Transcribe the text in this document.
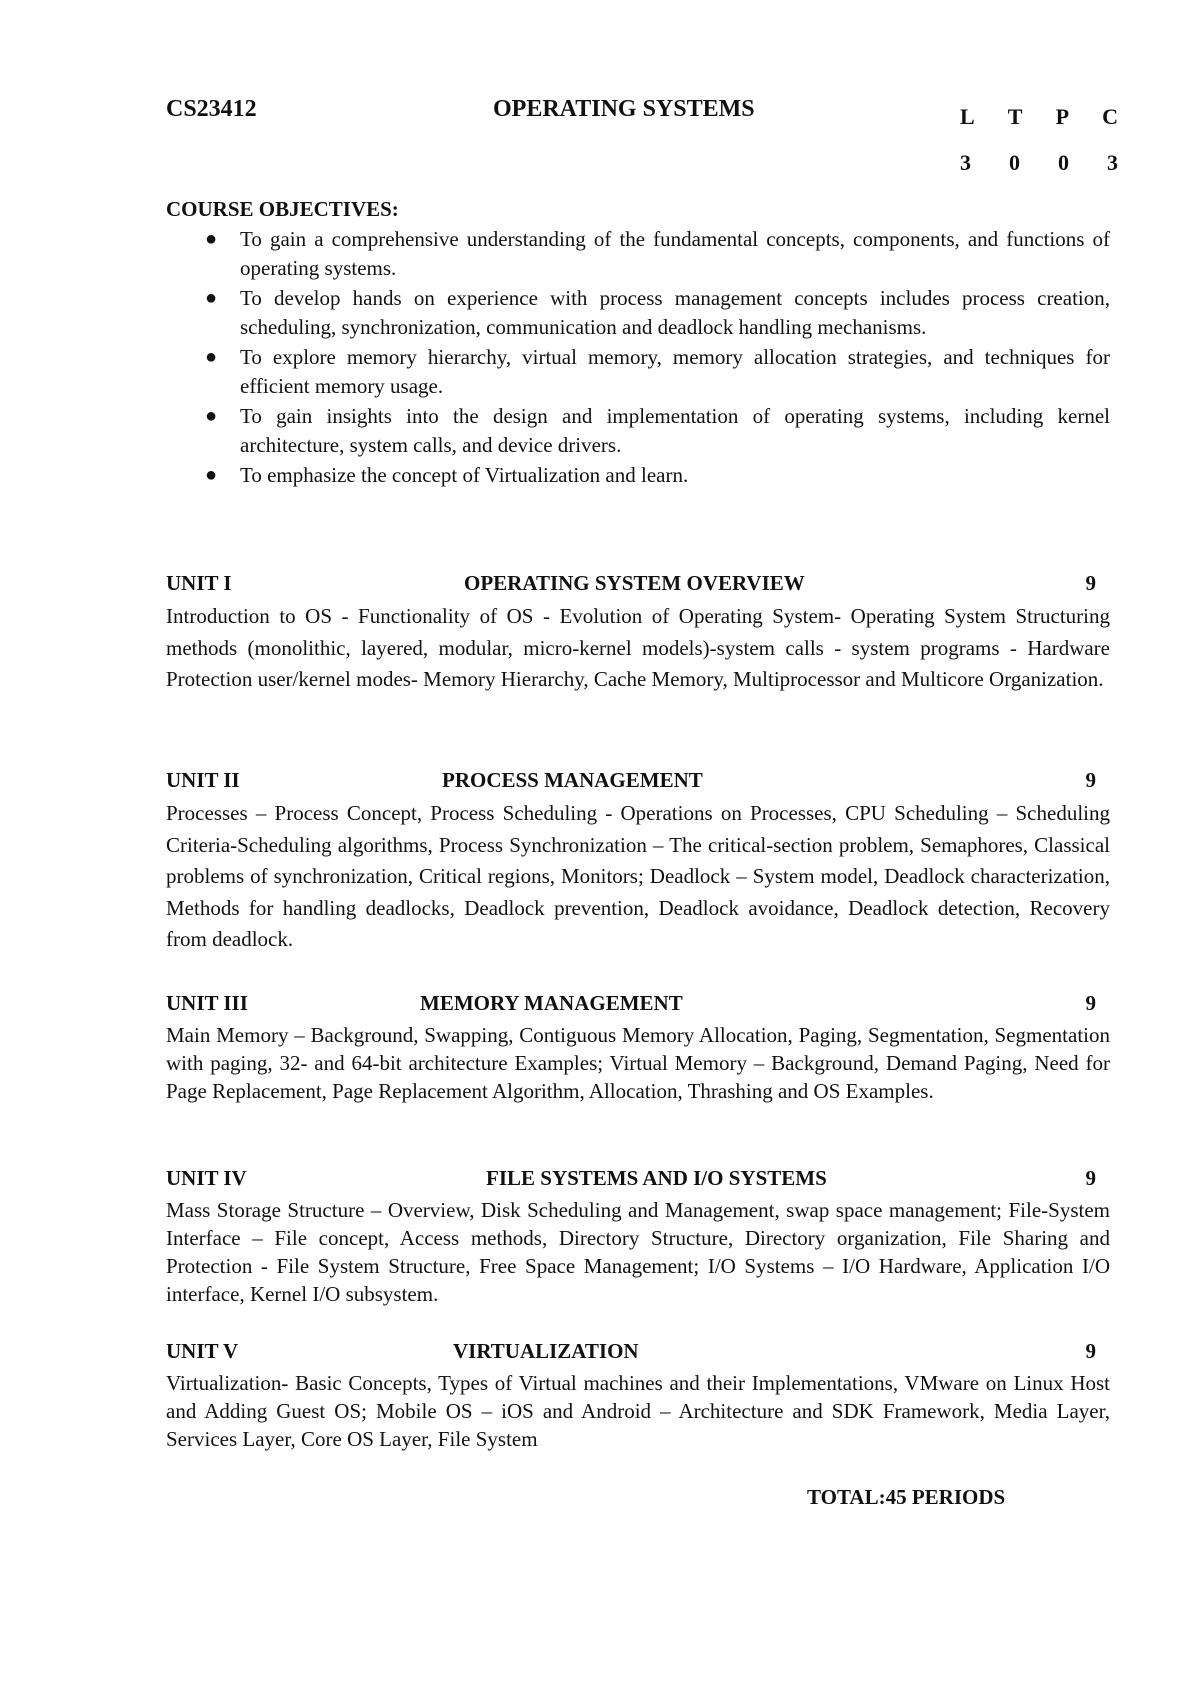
CS23412	OPERATING SYSTEMS	L T P C
3 0 0 3
COURSE OBJECTIVES:
● To gain a comprehensive understanding of the fundamental concepts, components, and functions of operating systems.
● To develop hands on experience with process management concepts includes process creation, scheduling, synchronization, communication and deadlock handling mechanisms.
● To explore memory hierarchy, virtual memory, memory allocation strategies, and techniques for efficient memory usage.
● To gain insights into the design and implementation of operating systems, including kernel architecture, system calls, and device drivers.
● To emphasize the concept of Virtualization and learn.
UNIT I	OPERATING SYSTEM OVERVIEW	9

Introduction to OS - Functionality of OS - Evolution of Operating System- Operating System Structuring methods (monolithic, layered, modular, micro-kernel models)-system calls - system programs - Hardware Protection user/kernel modes- Memory Hierarchy, Cache Memory, Multiprocessor and Multicore Organization.

UNIT II	PROCESS MANAGEMENT	9

Processes – Process Concept, Process Scheduling - Operations on Processes, CPU Scheduling – Scheduling Criteria-Scheduling algorithms, Process Synchronization – The critical-section problem, Semaphores, Classical problems of synchronization, Critical regions, Monitors; Deadlock – System model, Deadlock characterization, Methods for handling deadlocks, Deadlock prevention, Deadlock avoidance, Deadlock detection, Recovery from deadlock.

UNIT III	MEMORY MANAGEMENT	9

Main Memory – Background, Swapping, Contiguous Memory Allocation, Paging, Segmentation, Segmentation with paging, 32- and 64-bit architecture Examples; Virtual Memory – Background, Demand Paging, Need for Page Replacement, Page Replacement Algorithm, Allocation, Thrashing and OS Examples.

UNIT IV	FILE SYSTEMS AND I/O SYSTEMS	9

Mass Storage Structure – Overview, Disk Scheduling and Management, swap space management; File-System Interface – File concept, Access methods, Directory Structure, Directory organization, File Sharing and Protection - File System Structure, Free Space Management; I/O Systems – I/O Hardware, Application I/O interface, Kernel I/O subsystem.

UNIT V	VIRTUALIZATION	9

Virtualization- Basic Concepts, Types of Virtual machines and their Implementations, VMware on Linux Host and Adding Guest OS; Mobile OS – iOS and Android – Architecture and SDK Framework, Media Layer, Services Layer, Core OS Layer, File System

TOTAL:45 PERIODS
